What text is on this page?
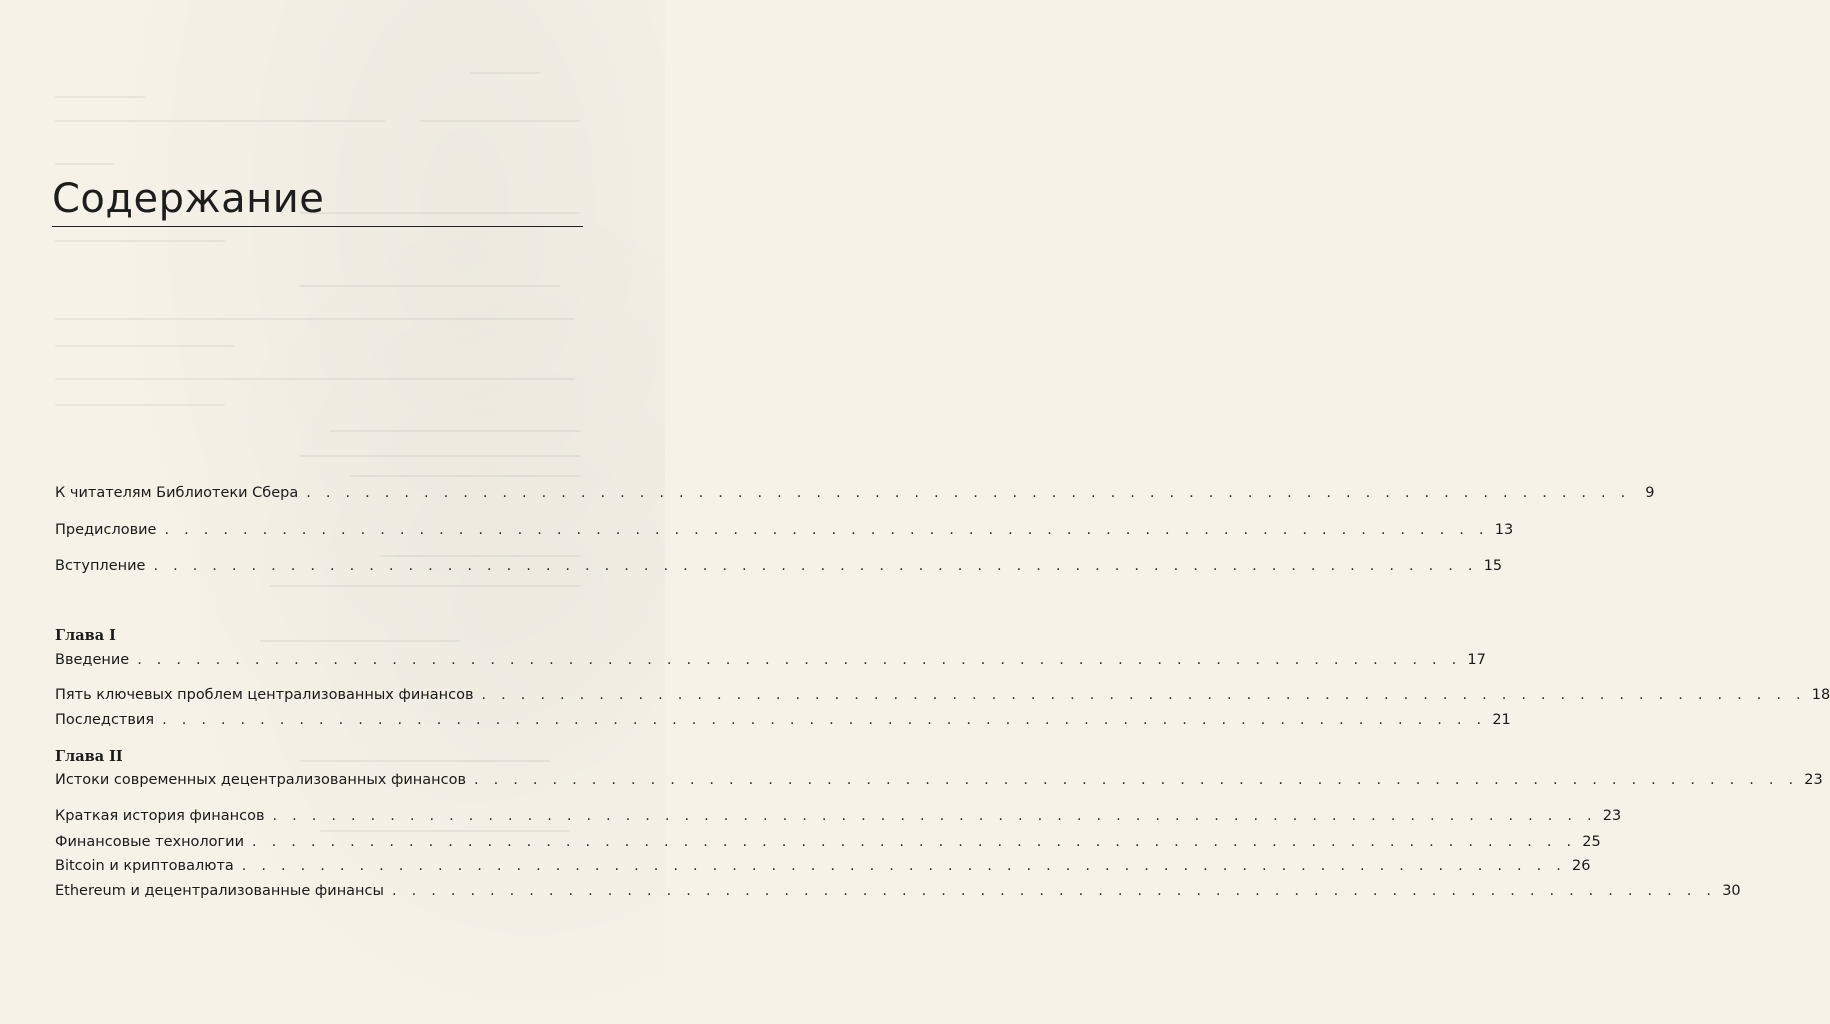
Содержание
К читателям Библиотеки Сбера . . . . . . . . . . . . . . . . . . . . . . . . . . . . . . . . . . . . . . . . . . . . . . . . . . . . . . . . . . . . . . . . . . . .	9
Предисловие . . . . . . . . . . . . . . . . . . . . . . . . . . . . . . . . . . . . . . . . . . . . . . . . . . . . . . . . . . . . . . . . . . . . 13
Вступление . . . . . . . . . . . . . . . . . . . . . . . . . . . . . . . . . . . . . . . . . . . . . . . . . . . . . . . . . . . . . . . . . . . . 15
Глава I
Введение . . . . . . . . . . . . . . . . . . . . . . . . . . . . . . . . . . . . . . . . . . . . . . . . . . . . . . . . . . . . . . . . . . . . 17
Пять ключевых проблем централизованных финансов . . . . . . . . . . . . . . . . . . . . . . . . . . . . . . . . . . . . . . . . . . . . . . . . . . . . . . . . . . . . . . . . . . . . 18
Последствия . . . . . . . . . . . . . . . . . . . . . . . . . . . . . . . . . . . . . . . . . . . . . . . . . . . . . . . . . . . . . . . . . . . . 21
Глава II
Истоки современных децентрализованных финансов . . . . . . . . . . . . . . . . . . . . . . . . . . . . . . . . . . . . . . . . . . . . . . . . . . . . . . . . . . . . . . . . . . . . 23
Краткая история финансов . . . . . . . . . . . . . . . . . . . . . . . . . . . . . . . . . . . . . . . . . . . . . . . . . . . . . . . . . . . . . . . . . . . . 23
Финансовые технологии . . . . . . . . . . . . . . . . . . . . . . . . . . . . . . . . . . . . . . . . . . . . . . . . . . . . . . . . . . . . . . . . . . . . 25
Bitcoin и криптовалюта . . . . . . . . . . . . . . . . . . . . . . . . . . . . . . . . . . . . . . . . . . . . . . . . . . . . . . . . . . . . . . . . . . . . 26
Ethereum и децентрализованные финансы . . . . . . . . . . . . . . . . . . . . . . . . . . . . . . . . . . . . . . . . . . . . . . . . . . . . . . . . . . . . . . . . . . . . 30
